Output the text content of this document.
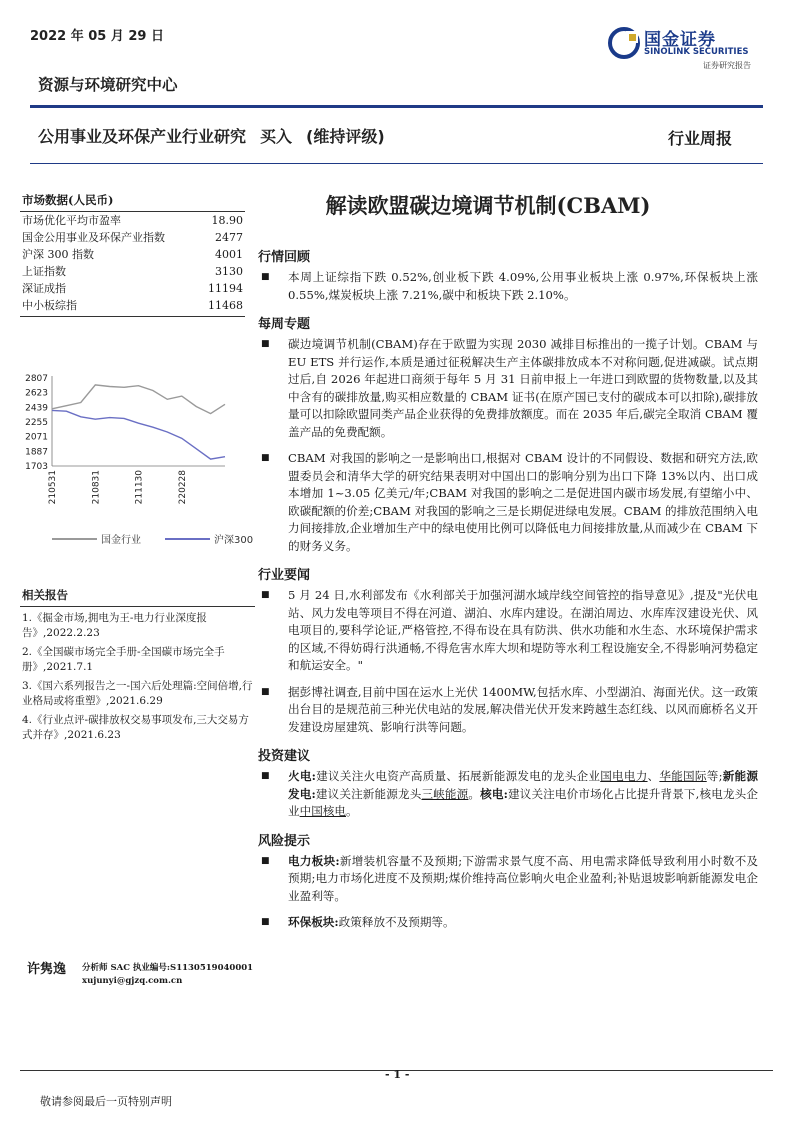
2022 年 05 月 29 日	国金证券
SINOLINK SECURITIES
证券研究报告
资源与环境研究中心
公用事业及环保产业行业研究 买入 (维持评级)	行业周报
市场数据(人民币)
市场优化平均市盈率	18.90
国金公用事业及环保产业指数	2477
沪深 300 指数	4001
上证指数	3130
深证成指	11194
中小板综指	11468
2807
2623
2439
2255
2071
1887
1703
210531	210831	211130	220228
国金行业	沪深300
相关报告
1.《掘金市场,拥电为王-电力行业深度报告》,2022.2.23
2.《全国碳市场完全手册-全国碳市场完全手册》,2021.7.1
3.《国六系列报告之一-国六后处理篇:空间倍增,行业格局或将重塑》,2021.6.29
4.《行业点评-碳排放权交易事项发布,三大交易方式并存》,2021.6.23
许隽逸 分析师 SAC 执业编号:S1130519040001
xujunyi@gjzq.com.cn
解读欧盟碳边境调节机制(CBAM)
行情回顾
■	本周上证综指下跌 0.52%,创业板下跌 4.09%,公用事业板块上涨 0.97%,环保板块上涨 0.55%,煤炭板块上涨 7.21%,碳中和板块下跌 2.10%。
每周专题
■	碳边境调节机制(CBAM)存在于欧盟为实现 2030 减排目标推出的一揽子计划。CBAM 与 EU ETS 并行运作,本质是通过征税解决生产主体碳排放成本不对称问题,促进减碳。试点期过后,自 2026 年起进口商须于每年 5 月 31 日前申报上一年进口到欧盟的货物数量,以及其中含有的碳排放量,购买相应数量的 CBAM 证书(在原产国已支付的碳成本可以扣除),碳排放量可以扣除欧盟同类产品企业获得的免费排放额度。而在 2035 年后,碳完全取消 CBAM 覆盖产品的免费配额。
■	CBAM 对我国的影响之一是影响出口,根据对 CBAM 设计的不同假设、数据和研究方法,欧盟委员会和清华大学的研究结果表明对中国出口的影响分别为出口下降 13%以内、出口成本增加 1~3.05 亿美元/年;CBAM 对我国的影响之二是促进国内碳市场发展,有望缩小中、欧碳配额的价差;CBAM 对我国的影响之三是长期促进绿电发展。CBAM 的排放范围纳入电力间接排放,企业增加生产中的绿电使用比例可以降低电力间接排放量,从而减少在 CBAM 下的财务义务。
行业要闻
■	5 月 24 日,水利部发布《水利部关于加强河湖水域岸线空间管控的指导意见》,提及"光伏电站、风力发电等项目不得在河道、湖泊、水库内建设。在湖泊周边、水库库汊建设光伏、风电项目的,要科学论证,严格管控,不得布设在具有防洪、供水功能和水生态、水环境保护需求的区域,不得妨碍行洪通畅,不得危害水库大坝和堤防等水利工程设施安全,不得影响河势稳定和航运安全。"
■	据彭博社调查,目前中国在运水上光伏 1400MW,包括水库、小型湖泊、海面光伏。这一政策出台目的是规范前三种光伏电站的发展,解决借光伏开发来跨越生态红线、以风而廊桥名义开发建设房屋建筑、影响行洪等问题。
投资建议
■	火电:建议关注火电资产高质量、拓展新能源发电的龙头企业国电电力、华能国际等;新能源发电:建议关注新能源龙头三峡能源。核电:建议关注电价市场化占比提升背景下,核电龙头企业中国核电。
风险提示
■	电力板块:新增装机容量不及预期;下游需求景气度不高、用电需求降低导致利用小时数不及预期;电力市场化进度不及预期;煤价维持高位影响火电企业盈利;补贴退坡影响新能源发电企业盈利等。
■	环保板块:政策释放不及预期等。
- 1 -
敬请参阅最后一页特别声明
